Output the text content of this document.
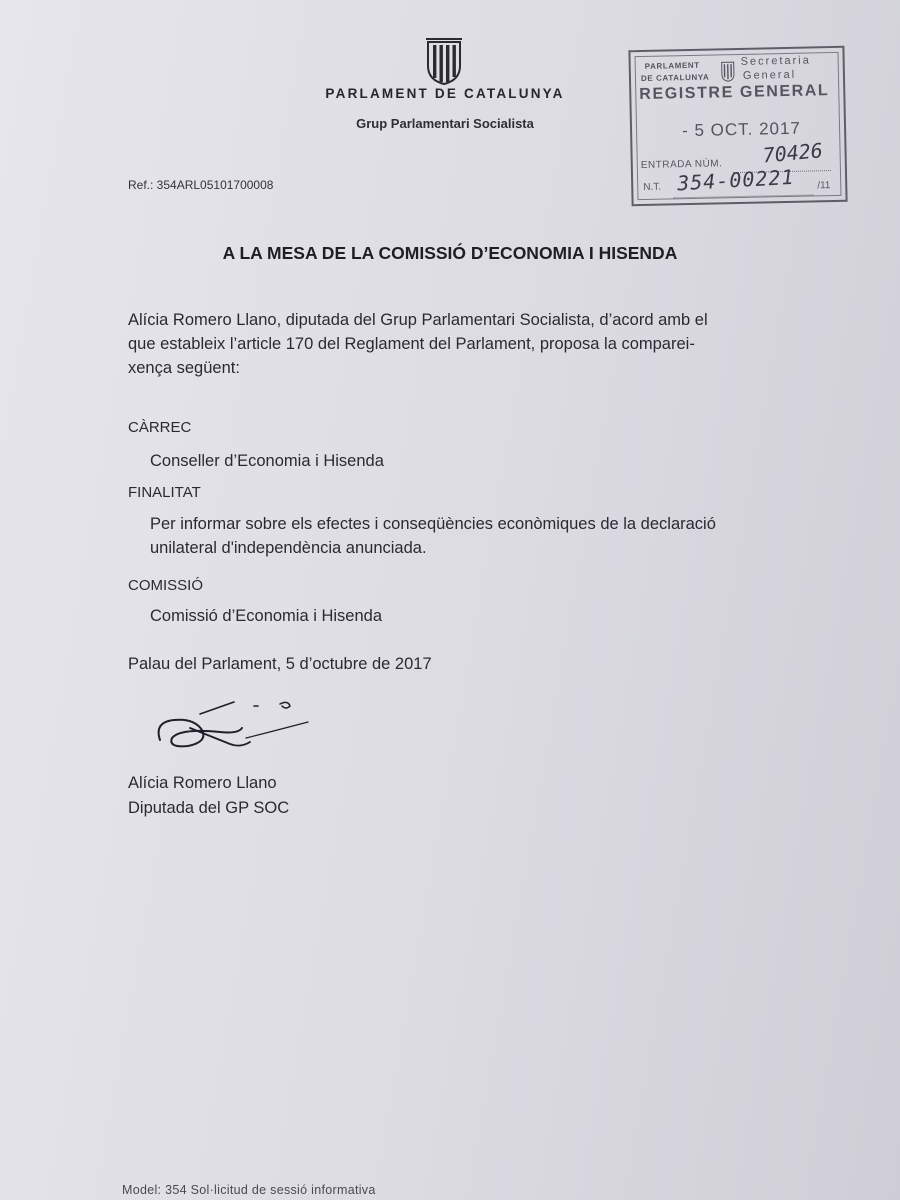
PARLAMENT DE CATALUNYA
Grup Parlamentari Socialista
PARLAMENT
DE CATALUNYA
Secretaria
General
REGISTRE GENERAL
- 5 OCT. 2017
ENTRADA NÚM. 70426
N.T. 354-00221 /11
Ref.: 354ARL05101700008
A LA MESA DE LA COMISSIÓ D’ECONOMIA I HISENDA
Alícia Romero Llano, diputada del Grup Parlamentari Socialista, d’acord amb el
que estableix l’article 170 del Reglament del Parlament, proposa la comparei-
xença següent:
CÀRREC
Conseller d’Economia i Hisenda
FINALITAT
Per informar sobre els efectes i conseqüències econòmiques de la declaració
unilateral d'independència anunciada.
COMISSIÓ
Comissió d’Economia i Hisenda
Palau del Parlament, 5 d’octubre de 2017
Alícia Romero Llano
Diputada del GP SOC
Model: 354 Sol·licitud de sessió informativa
